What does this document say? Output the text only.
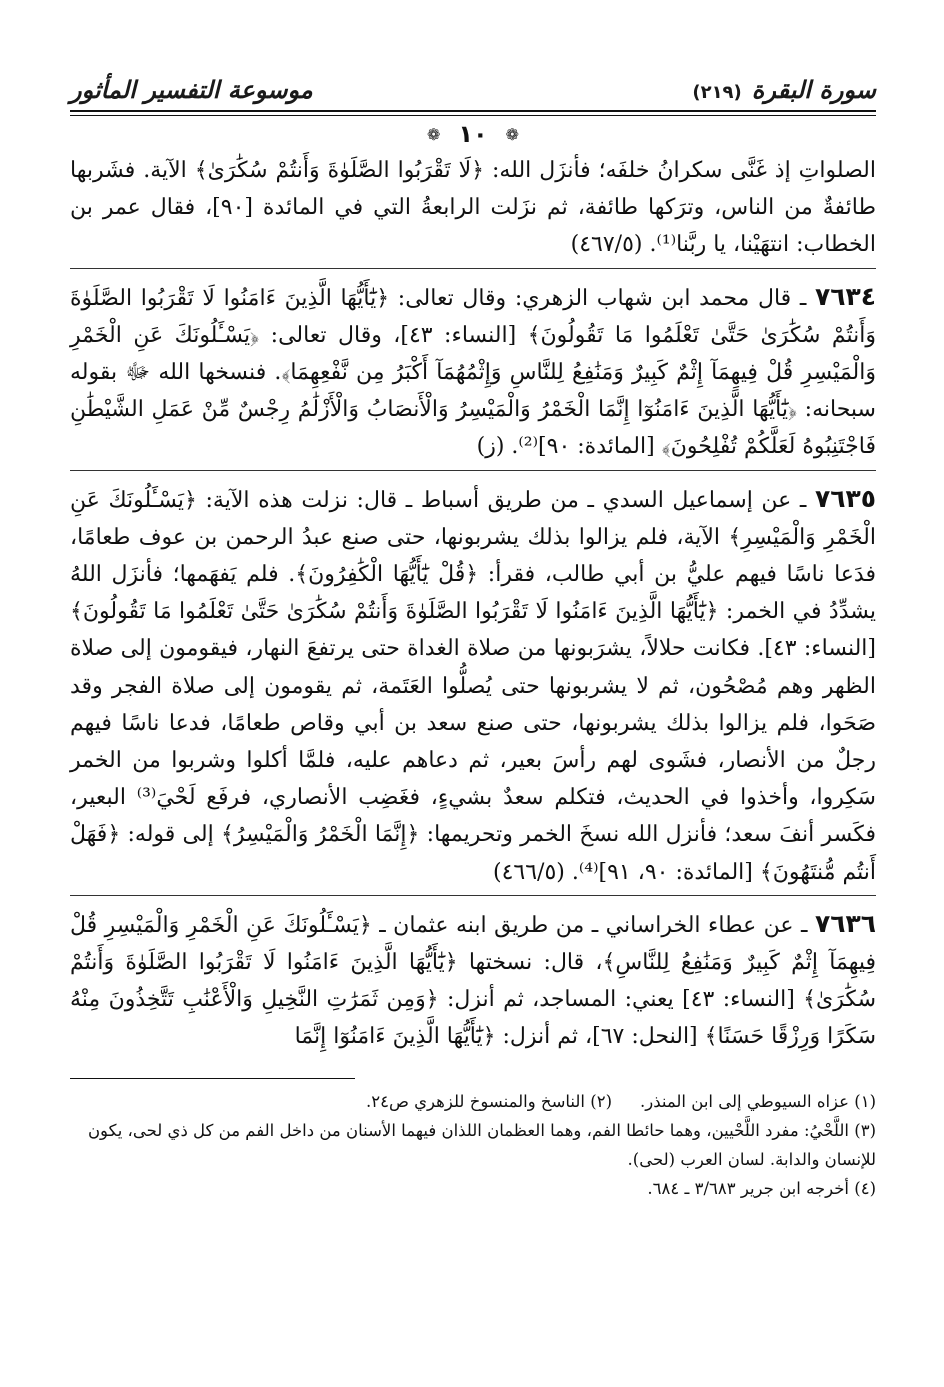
سورة البقرة
(٢١٩)
موسوعة التفسير المأثور
❁
١٠
❁

الصلواتِ إذ غَنَّى سكرانُ خلفَه؛ فأنزَل الله: ﴿لَا تَقْرَبُوا الصَّلَوٰةَ وَأَنتُمْ سُكَٰرَىٰ﴾ الآية. فشَربها طائفةٌ من الناس، وترَكها طائفة، ثم نزَلت الرابعةُ التي في المائدة [٩٠]، فقال عمر بن الخطاب: انتهَيْنا، يا ربَّنا⁽¹⁾. (٤٦٧/٥)

٧٦٣٤ ـ قال محمد ابن شهاب الزهري: وقال تعالى: ﴿يَٰٓأَيُّهَا الَّذِينَ ءَامَنُوا لَا تَقْرَبُوا الصَّلَوٰةَ وَأَنتُمْ سُكَٰرَىٰ حَتَّىٰ تَعْلَمُوا مَا تَقُولُونَ﴾ [النساء: ٤٣]، وقال تعالى: ﴿يَسْـَٔلُونَكَ عَنِ الْخَمْرِ وَالْمَيْسِرِ قُلْ فِيهِمَآ إِثْمٌ كَبِيرٌ وَمَنَٰفِعُ لِلنَّاسِ وَإِثْمُهُمَآ أَكْبَرُ مِن نَّفْعِهِمَا﴾. فنسخها الله ﷻ بقوله سبحانه: ﴿يَٰٓأَيُّهَا الَّذِينَ ءَامَنُوٓا إِنَّمَا الْخَمْرُ وَالْمَيْسِرُ وَالْأَنصَابُ وَالْأَزْلَٰمُ رِجْسٌ مِّنْ عَمَلِ الشَّيْطَٰنِ فَاجْتَنِبُوهُ لَعَلَّكُمْ تُفْلِحُونَ﴾ [المائدة: ٩٠]⁽²⁾. (ز)

٧٦٣٥ ـ عن إسماعيل السدي ـ من طريق أسباط ـ قال: نزلت هذه الآية: ﴿يَسْـَٔلُونَكَ عَنِ الْخَمْرِ وَالْمَيْسِرِ﴾ الآية، فلم يزالوا بذلك يشربونها، حتى صنع عبدُ الرحمن بن عوف طعامًا، فدَعا ناسًا فيهم عليُّ بن أبي طالب، فقرأ: ﴿قُلْ يَٰٓأَيُّهَا الْكَٰفِرُونَ﴾. فلم يَفهَمها؛ فأنزَل اللهُ يشدِّدُ في الخمر: ﴿يَٰٓأَيُّهَا الَّذِينَ ءَامَنُوا لَا تَقْرَبُوا الصَّلَوٰةَ وَأَنتُمْ سُكَٰرَىٰ حَتَّىٰ تَعْلَمُوا مَا تَقُولُونَ﴾ [النساء: ٤٣]. فكانت حلالاً، يشرَبونها من صلاة الغداة حتى يرتفعَ النهار، فيقومون إلى صلاة الظهر وهم مُصْحُون، ثم لا يشربونها حتى يُصلُّوا العَتَمة، ثم يقومون إلى صلاة الفجر وقد صَحَوا، فلم يزالوا بذلك يشربونها، حتى صنع سعد بن أبي وقاص طعامًا، فدعا ناسًا فيهم رجلٌ من الأنصار، فشَوى لهم رأسَ بعير، ثم دعاهم عليه، فلمَّا أكلوا وشربوا من الخمر سَكِروا، وأخذوا في الحديث، فتكلم سعدٌ بشيءٍ، فغَضِب الأنصاري، فرفَع لَحْيَ⁽³⁾ البعير، فكَسر أنفَ سعد؛ فأنزل الله نسخَ الخمر وتحريمها: ﴿إِنَّمَا الْخَمْرُ وَالْمَيْسِرُ﴾ إلى قوله: ﴿فَهَلْ أَنتُم مُّنتَهُونَ﴾ [المائدة: ٩٠، ٩١]⁽⁴⁾. (٤٦٦/٥)

٧٦٣٦ ـ عن عطاء الخراساني ـ من طريق ابنه عثمان ـ ﴿يَسْـَٔلُونَكَ عَنِ الْخَمْرِ وَالْمَيْسِرِ قُلْ فِيهِمَآ إِثْمٌ كَبِيرٌ وَمَنَٰفِعُ لِلنَّاسِ﴾، قال: نسختها ﴿يَٰٓأَيُّهَا الَّذِينَ ءَامَنُوا لَا تَقْرَبُوا الصَّلَوٰةَ وَأَنتُمْ سُكَٰرَىٰ﴾ [النساء: ٤٣] يعني: المساجد، ثم أنزل: ﴿وَمِن ثَمَرَٰتِ النَّخِيلِ وَالْأَعْنَٰبِ تَتَّخِذُونَ مِنْهُ سَكَرًا وَرِزْقًا حَسَنًا﴾ [النحل: ٦٧]، ثم أنزل: ﴿يَٰٓأَيُّهَا الَّذِينَ ءَامَنُوٓا إِنَّمَا

(١) عزاه السيوطي إلى ابن المنذر.
(٢) الناسخ والمنسوخ للزهري ص٢٤.

(٣) اللَّحْيُ: مفرد اللَّحْيين، وهما حائطا الفم، وهما العظمان اللذان فيهما الأسنان من داخل الفم من كل ذي لحى، يكون للإنسان والدابة. لسان العرب (لحى).

(٤) أخرجه ابن جرير ٣/٦٨٣ ـ ٦٨٤.
